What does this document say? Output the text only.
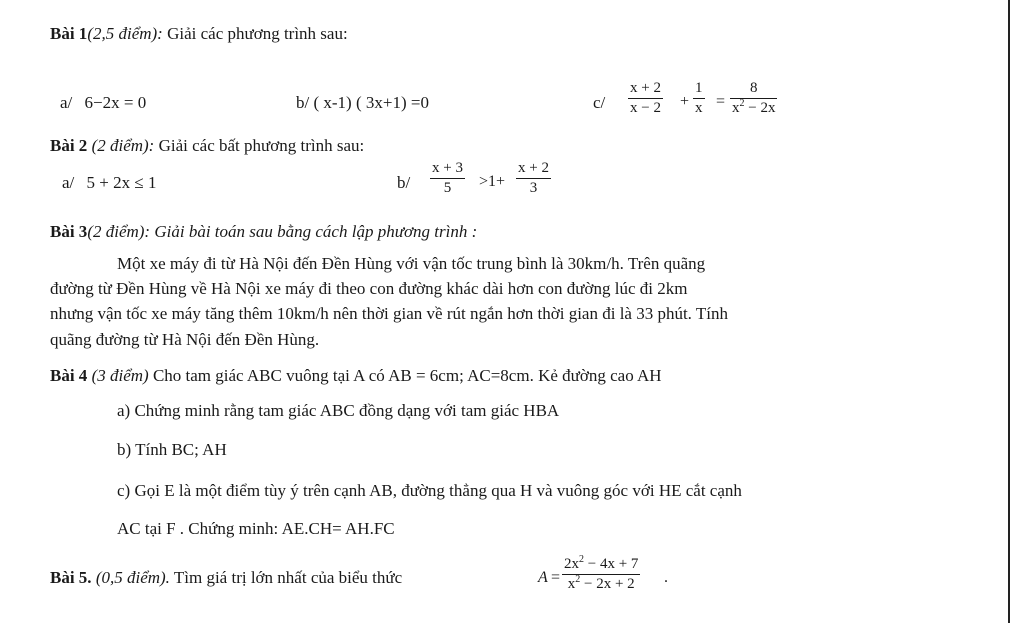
Bài 1(2,5 điểm): Giải các phương trình sau:
a/ 6−2x = 0	b/ ( x-1) ( 3x+1) =0	c/
x + 2
x − 2 +
1
x =
8
$x^2 - 2x$
Bài 2 (2 điểm): Giải các bất phương trình sau:
a/ 5 + 2x ≤ 1	b/
x + 3
5 >1+
x + 2
3
Bài 3(2 điểm): Giải bài toán sau bằng cách lập phương trình :
Một xe máy đi từ Hà Nội đến Đền Hùng với vận tốc trung bình là 30km/h. Trên quãng
đường từ Đền Hùng về Hà Nội xe máy đi theo con đường khác dài hơn con đường lúc đi 2km
nhưng vận tốc xe máy tăng thêm 10km/h nên thời gian về rút ngắn hơn thời gian đi là 33 phút. Tính
quãng đường từ Hà Nội đến Đền Hùng.
Bài 4 (3 điểm) Cho tam giác ABC vuông tại A có AB = 6cm; AC=8cm. Kẻ đường cao AH
a) Chứng minh rằng tam giác ABC đồng dạng với tam giác HBA
b) Tính BC; AH
c) Gọi E là một điểm tùy ý trên cạnh AB, đường thẳng qua H và vuông góc với HE cắt cạnh
AC tại F . Chứng minh: AE.CH= AH.FC
Bài 5. (0,5 điểm). Tìm giá trị lớn nhất của biểu thức	A =
$2x^2 - 4x + 7$
$x^2 - 2x + 2$ .
